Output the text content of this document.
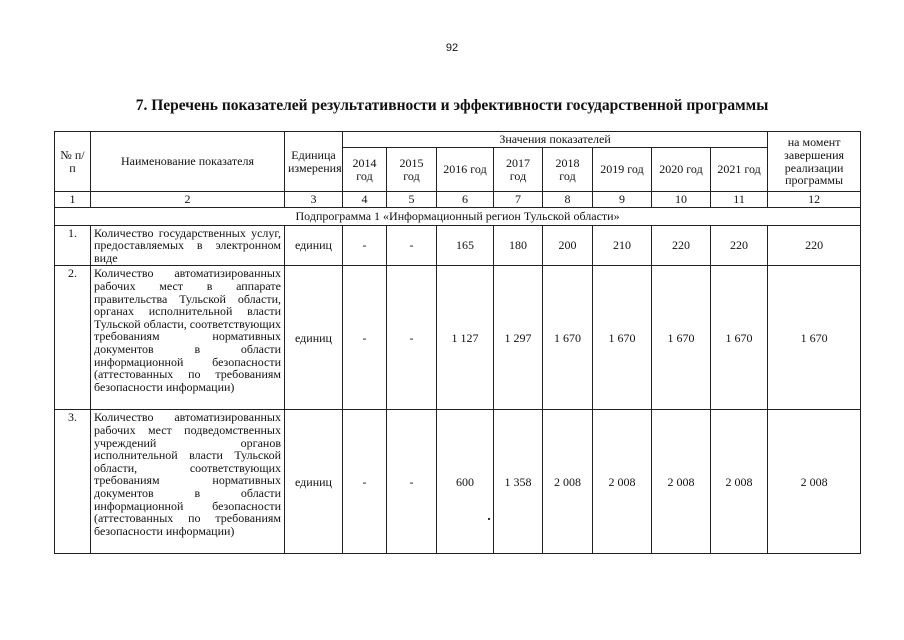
92
7. Перечень показателей результативности и эффективности государственной программы
№ п/п	Наименование показателя	Единица измерения	Значения показателей								на момент завершения реализации программы
			2014 год	2015 год	2016 год	2017 год	2018 год	2019 год	2020 год	2021 год	
1	2	3	4	5	6	7	8	9	10	11	12
Подпрограмма 1 «Информационный регион Тульской области»											
1.	Количество государственных услуг, предоставляемых в электронном виде	единиц	-	-	165	180	200	210	220	220	220
2.	Количество автоматизированных рабочих мест в аппарате правительства Тульской области, органах исполнительной власти Тульской области, соответствующих требованиям нормативных документов в области информационной безопасности (аттестованных по требованиям безопасности информации)	единиц	-	-	1 127	1 297	1 670	1 670	1 670	1 670	1 670
3.	Количество автоматизированных рабочих мест подведомственных учреждений органов исполнительной власти Тульской области, соответствующих требованиям нормативных документов в области информационной безопасности (аттестованных по требованиям безопасности информации)	единиц	-	-	600	1 358	2 008	2 008	2 008	2 008	2 008
